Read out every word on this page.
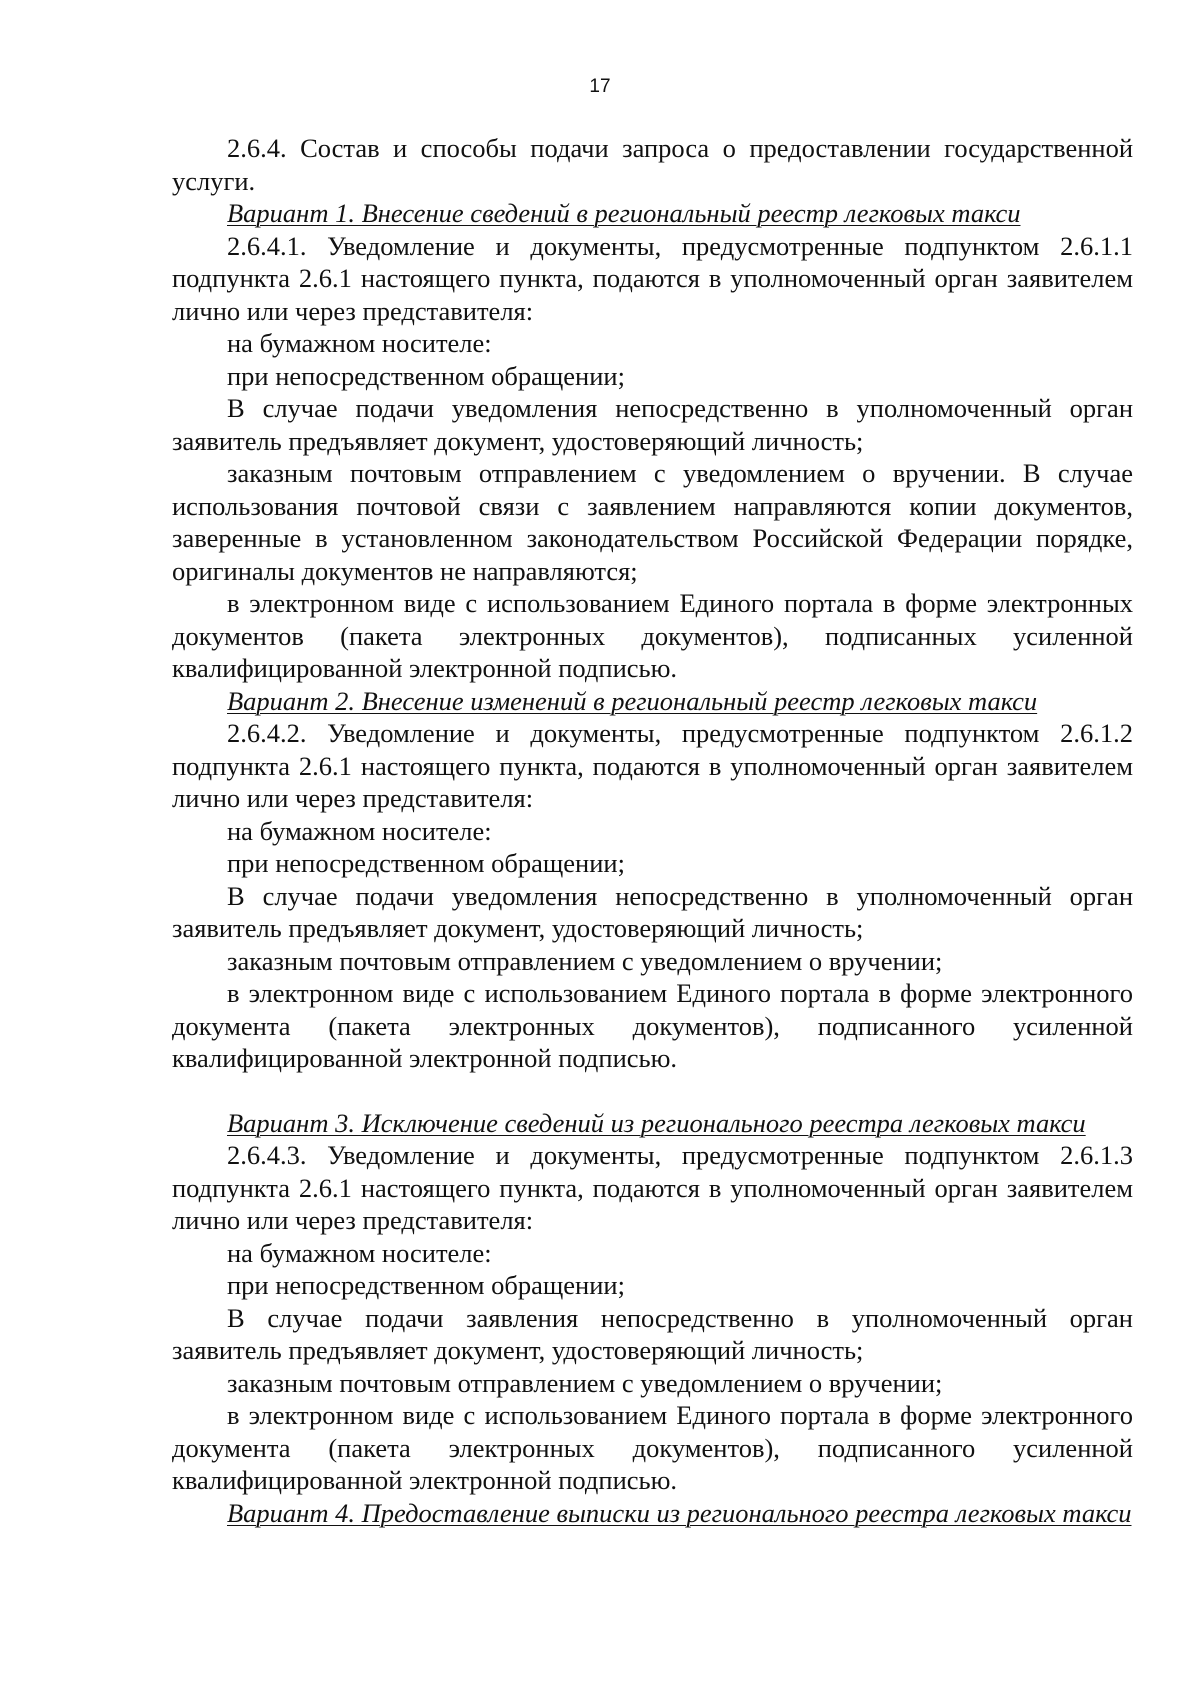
17

2.6.4. Состав и способы подачи запроса о предоставлении государственной услуги.

Вариант 1. Внесение сведений в региональный реестр легковых такси

2.6.4.1. Уведомление и документы, предусмотренные подпунктом 2.6.1.1 подпункта 2.6.1 настоящего пункта, подаются в уполномоченный орган заявителем лично или через представителя:

на бумажном носителе:

при непосредственном обращении;

В случае подачи уведомления непосредственно в уполномоченный орган заявитель предъявляет документ, удостоверяющий личность;

заказным почтовым отправлением с уведомлением о вручении. В случае использования почтовой связи с заявлением направляются копии документов, заверенные в установленном законодательством Российской Федерации порядке, оригиналы документов не направляются;

в электронном виде с использованием Единого портала в форме электронных документов (пакета электронных документов), подписанных усиленной квалифицированной электронной подписью.

Вариант 2. Внесение изменений в региональный реестр легковых такси

2.6.4.2. Уведомление и документы, предусмотренные подпунктом 2.6.1.2 подпункта 2.6.1 настоящего пункта, подаются в уполномоченный орган заявителем лично или через представителя:

на бумажном носителе:

при непосредственном обращении;

В случае подачи уведомления непосредственно в уполномоченный орган заявитель предъявляет документ, удостоверяющий личность;

заказным почтовым отправлением с уведомлением о вручении;

в электронном виде с использованием Единого портала в форме электронного документа (пакета электронных документов), подписанного усиленной квалифицированной электронной подписью.

Вариант 3. Исключение сведений из регионального реестра легковых такси

2.6.4.3. Уведомление и документы, предусмотренные подпунктом 2.6.1.3 подпункта 2.6.1 настоящего пункта, подаются в уполномоченный орган заявителем лично или через представителя:

на бумажном носителе:

при непосредственном обращении;

В случае подачи заявления непосредственно в уполномоченный орган заявитель предъявляет документ, удостоверяющий личность;

заказным почтовым отправлением с уведомлением о вручении;

в электронном виде с использованием Единого портала в форме электронного документа (пакета электронных документов), подписанного усиленной квалифицированной электронной подписью.

Вариант 4. Предоставление выписки из регионального реестра легковых такси
